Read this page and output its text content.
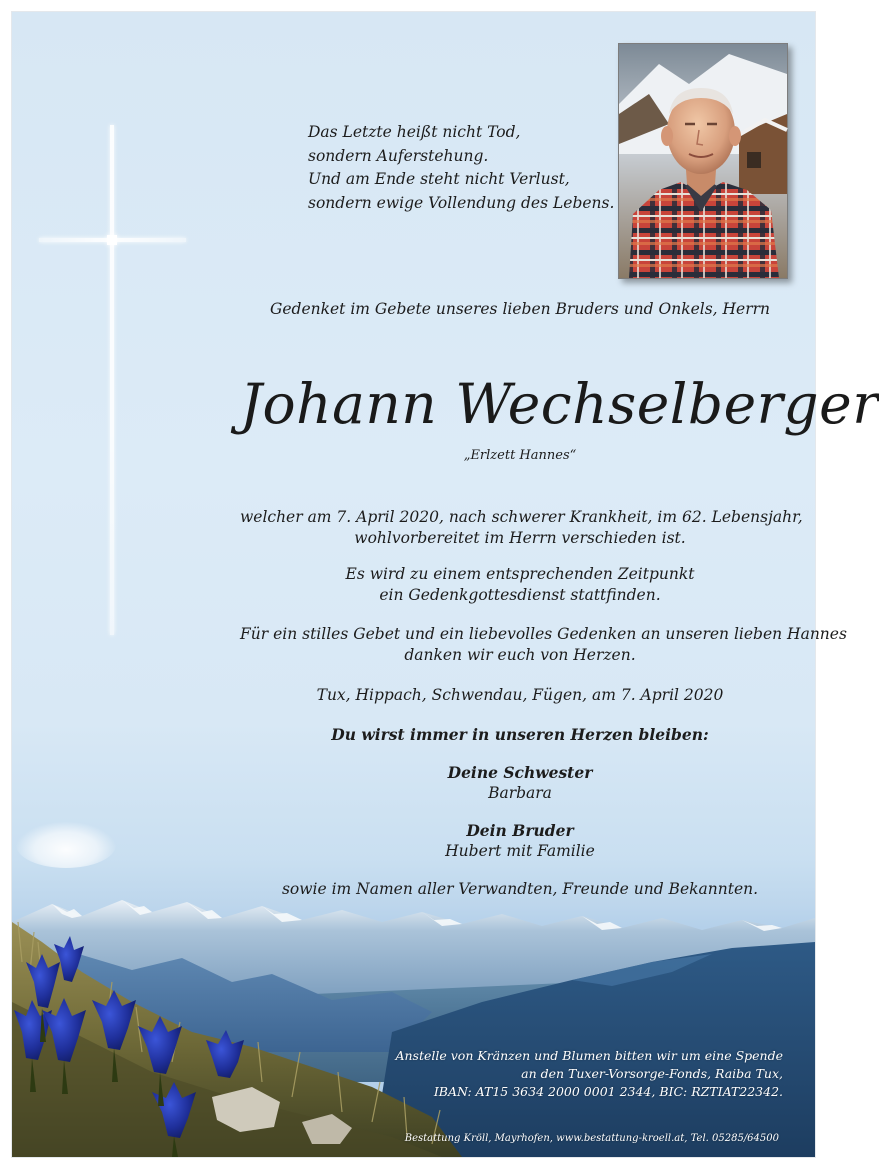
Das Letzte heißt nicht Tod,
sondern Auferstehung.
Und am Ende steht nicht Verlust,
sondern ewige Vollendung des Lebens.
Gedenket im Gebete unseres lieben Bruders und Onkels, Herrn
Johann Wechselberger
„Erlzett Hannes“
welcher am 7. April 2020, nach schwerer Krankheit, im 62. Lebensjahr,
wohlvorbereitet im Herrn verschieden ist.
Es wird zu einem entsprechenden Zeitpunkt
ein Gedenkgottesdienst stattfinden.
Für ein stilles Gebet und ein liebevolles Gedenken an unseren lieben Hannes
danken wir euch von Herzen.
Tux, Hippach, Schwendau, Fügen, am 7. April 2020
Du wirst immer in unseren Herzen bleiben:
Deine Schwester
Barbara
Dein Bruder
Hubert mit Familie
sowie im Namen aller Verwandten, Freunde und Bekannten.
Anstelle von Kränzen und Blumen bitten wir um eine Spende
an den Tuxer-Vorsorge-Fonds, Raiba Tux,
IBAN: AT15 3634 2000 0001 2344, BIC: RZTIAT22342.
Bestattung Kröll, Mayrhofen, www.bestattung-kroell.at, Tel. 05285/64500
